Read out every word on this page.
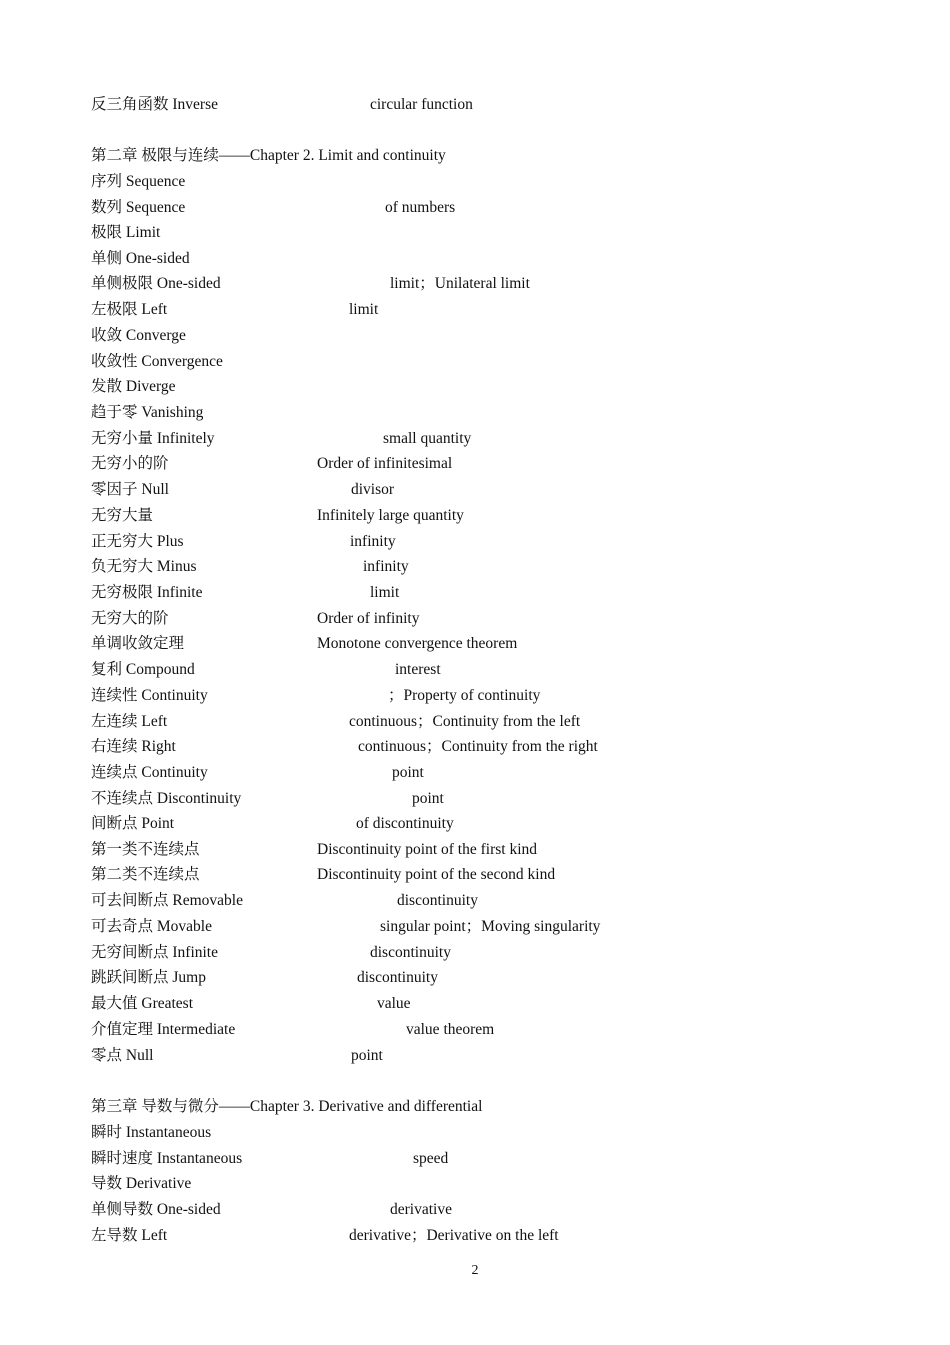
反三角函数 Inverse	circular function
第二章 极限与连续——Chapter 2. Limit and continuity
序列 Sequence
数列 Sequence	of numbers
极限 Limit
单侧 One-sided
单侧极限 One-sided	limit；Unilateral limit
左极限 Left	limit
收敛 Converge
收敛性 Convergence
发散 Diverge
趋于零 Vanishing
无穷小量 Infinitely	small quantity
无穷小的阶	Order of infinitesimal
零因子 Null	divisor
无穷大量	Infinitely large quantity
正无穷大 Plus	infinity
负无穷大 Minus	infinity
无穷极限 Infinite	limit
无穷大的阶	Order of infinity
单调收敛定理	Monotone convergence theorem
复利 Compound	interest
连续性 Continuity	；Property of continuity
左连续 Left	continuous；Continuity from the left
右连续 Right	continuous；Continuity from the right
连续点 Continuity	point
不连续点 Discontinuity	point
间断点 Point	of discontinuity
第一类不连续点	Discontinuity point of the first kind
第二类不连续点	Discontinuity point of the second kind
可去间断点 Removable	discontinuity
可去奇点 Movable	singular point；Moving singularity
无穷间断点 Infinite	discontinuity
跳跃间断点 Jump	discontinuity
最大值 Greatest	value
介值定理 Intermediate	value theorem
零点 Null	point
第三章 导数与微分——Chapter 3. Derivative and differential
瞬时 Instantaneous
瞬时速度 Instantaneous	speed
导数 Derivative
单侧导数 One-sided	derivative
左导数 Left	derivative；Derivative on the left
2
